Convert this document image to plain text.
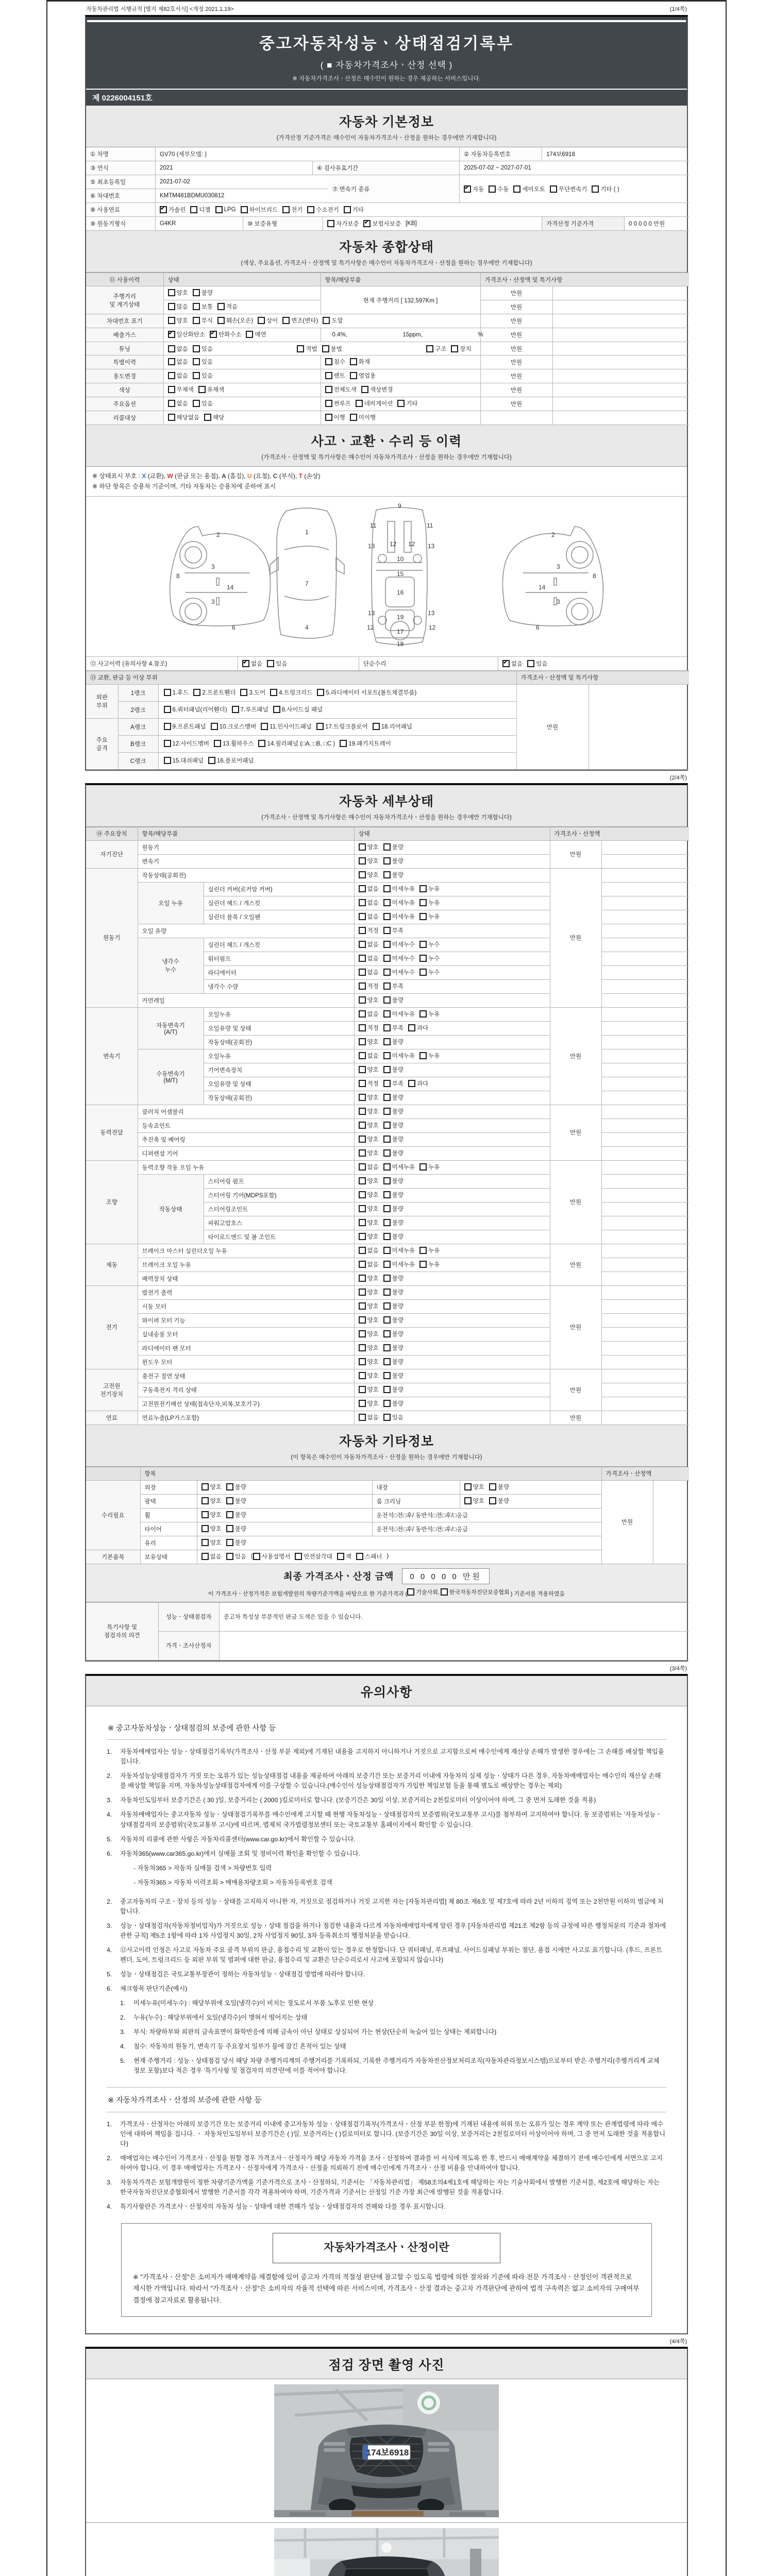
자동차관리법 시행규칙 [별지 제82호서식] <개정 2021.1.19>	(1/4쪽)
중고자동차성능ㆍ상태점검기록부
( ■ 자동차가격조사ㆍ산정 선택 )
※ 자동차가격조사ㆍ산정은 매수인이 원하는 경우 제공하는 서비스입니다.
제 0226004151호
자동차 기본정보
(가격산정 기준가격은 매수인이 자동차가격조사ㆍ산정을 원하는 경우에만 기재합니다)
① 차명	GV70 (세부모델: )	② 자동차등록번호	174보6918
③ 연식	2021	④ 검사유효기간	2025-07-02 ~ 2027-07-01
⑤ 최초등록일	2021-07-02
⑥ 차대번호	KMTM481BDMU030812
⑦ 변속기 종류 ✔	자동 수동 세미오토 무단변속기 기타 ( )
⑧ 사용연료 ✔	가솔린 디젤 LPG 하이브리드 전기 수소전기 기타
⑨ 원동기형식	G4KR	⑩ 보증유형	자가보증 ✔ 보험사보증 [KB]	가격산정 기준가격	0 0 0 0 0 만원
자동차 종합상태
(색상, 주요옵션, 가격조사ㆍ산정액 및 특기사항은 매수인이 자동차가격조사ㆍ산정을 원하는 경우에만 기재합니다)
⑪ 사용이력	상태	항목/해당부품	가격조사ㆍ산정액 및 특기사항	
주행거리
및 계기상태	양호 불량	현재 주행거리 [ 132,597Km ]	만원	

	많음 보통 적음		만원	
차대번호 표기	양호 부식 훼손(오손) 상이 변조(변타) 도말	만원	
배출가스	
✔일산화탄소 ✔ 탄화수소 매연	0.4%, 15ppm, %	만원	
튜닝	없음 있음	적법 불법	구조 장치	만원	
특별이력	없음 있음	침수 화재	만원	
용도변경	없음 있음	렌트 영업용	만원	
색상	무채색 유채색	전체도색 색상변경	만원	
주요옵션	없음 있음	썬루프 네비게이션 기타	만원	
리콜대상	해당없음 해당	이행 미이행		

사고ㆍ교환ㆍ수리 등 이력
(가격조사ㆍ산정액 및 특기사항은 매수인이 자동차가격조사ㆍ산정을 원하는 경우에만 기재합니다)
※ 상태표시 부호 : X (교환), W (판금 또는 용접), A (흠집), U (요철), C (부식), T (손상)
※ 하단 항목은 승용차 기준이며, 기타 자동차는 승용차에 준하여 표시
2
8
3
14
3
6
1
7
4
9
11	11
13	13
12 12
10
15
16
13	13
12	12
19
17
18
2
8
3
14
3
6
⑫ 사고이력 (유의사항 4.참조) ✔	없음 있음	단순수리 ✔	없음 있음
⑬ 교환, 판금 등 이상 부위			가격조사ㆍ산정액 및 특기사항	
외판
부위	1랭크	1.후드 2.프론트휀더 3.도어 4.트렁크리드 5.라디에이터 서포트(볼트체결부품)	만원	
	2랭크	6.쿼터패널(리어휀더) 7.루프패널 8.사이드실 패널		

주요
골격	A랭크	9.프론트패널 10.크로스멤버 11.인사이드패널 17.트렁크플로어 18.리어패널		

	B랭크	12.사이드멤버 13.휠하우스 14.필러패널 (□A, □B, □C ) 19.패키지트레이		

	C랭크	15.대쉬패널 16.플로어패널		
(2/4쪽)
자동차 세부상태
(가격조사ㆍ산정액 및 특기사항은 매수인이 자동차가격조사ㆍ산정을 원하는 경우에만 기재합니다)
⑭ 주요장치	항목/해당부품		상태	가격조사ㆍ산정액	
자기진단	원동기		양호 불량	만원	
	변속기		양호 불량		

원동기	작동상태(공회전)		양호 불량	만원	
	오일 누유	실린더 커버(로커암 커버)	없음 미세누유 누유		

		실린더 헤드 / 개스킷	없음 미세누유 누유		

		실린더 블록 / 오일팬	없음 미세누유 누유		

	오일 유량		적정 부족		

	냉각수
누수	실린더 헤드 / 개스킷	없음 미세누수 누수		

		워터펌프	없음 미세누수 누수		

		라디에이터	없음 미세누수 누수		

		냉각수 수량	적정 부족		

	커먼레일		양호 불량		

변속기	자동변속기
(A/T)	오일누유	없음 미세누유 누유	만원	
		오일유량 및 상태	적정 부족 과다		

		작동상태(공회전)	양호 불량		

	수동변속기
(M/T)	오일누유	없음 미세누유 누유		

		기어변속장치	양호 불량		

		오일유량 및 상태	적정 부족 과다		

		작동상태(공회전)	양호 불량		

동력전달	클러치 어셈블리		양호 불량	만원	
	등속죠인트		양호 불량		

	추진축 및 베어링		양호 불량		

	디퍼렌셜 기어		양호 불량		

조향	동력조향 작동 오일 누유		없음 미세누유 누유	만원	
	작동상태	스티어링 펌프	양호 불량		

		스티어링 기어(MDPS포함)	양호 불량		

		스티어링조인트	양호 불량		

		파워고압호스	양호 불량		

		타이로드엔드 및 볼 조인트	양호 불량		

제동	브레이크 마스터 실린더오일 누유		없음 미세누유 누유	만원	
	브레이크 오일 누유		없음 미세누유 누유		

	배력장치 상태		양호 불량		

전기	발전기 출력		양호 불량	만원	
	시동 모터		양호 불량		

	와이퍼 모터 기능		양호 불량		

	실내송풍 모터		양호 불량		

	라디에이터 팬 모터		양호 불량		

	윈도우 모터		양호 불량		

고전원
전기장치	충전구 절연 상태		양호 불량	만원	
	구동축전지 격리 상태		양호 불량		

	고전원전기배선 상태(접속단자,피복,보호기구)		양호 불량		

연료	연료누출(LP가스포함)		없음 있음	만원	
자동차 기타정보
(이 항목은 매수인이 자동차가격조사ㆍ산정을 원하는 경우에만 기재합니다)
	항목				가격조사ㆍ산정액	
수리필요	외장	양호 불량	내장	양호 불량	만원	
	광택	양호 불량	룸 크리닝	양호 불량		

	휠	양호 불량	운전석□전□후/ 동반석□전□후/□응급			
	타이어	양호 불량	운전석□전□후/ 동반석□전□후/□응급			
	유리	양호 불량				

기본품목	보유상태	없음 있음 ( 사용설명서 안전삼각대 잭 스패너 )
최종 가격조사ㆍ산정 금액	0 0 0 0 0 만원
이 가격조사ㆍ산정가격은 보험개발원의 차량기준가액을 바탕으로 한 기준가격과 ( 기술사회, 한국자동차진단보증협회 ) 기준서를 적용하였음
특기사항 및
점검자의 의견	성능ㆍ상태점검자	중고차 특성상 부분적인 판금 도색은 있을 수 있습니다.
	가격ㆍ조사산정자	
(3/4쪽)
유의사항
※ 중고자동차성능ㆍ상태점검의 보증에 관한 사항 등
1.	자동차매매업자는 성능ㆍ상태점검기록부(가격조사ㆍ산정 부분 제외)에 기재된 내용을 고지하지 아니하거나 거짓으로 고지함으로써 매수인에게 재산상 손해가 발생한 경우에는 그 손해를 배상할 책임을 집니다.
2.	자동차성능상태점검자가 거짓 또는 오류가 있는 성능상태점검 내용을 제공하여 아래의 보증기간 또는 보증거리 이내에 자동차의 실제 성능ㆍ상태가 다른 경우, 자동차매매업자는 매수인의 재산상 손해를 배상할 책임을 지며, 자동차성능상태점검자에게 이를 구상할 수 있습니다.(매수인이 성능상태점검자가 가입한 책임보험 등을 통해 별도로 배상받는 경우는 제외)
3.	자동차인도일부터 보증기간은 ( 30 )일, 보증거리는 ( 2000 )킬로미터로 합니다. (보증기간은 30일 이상, 보증거리는 2천킬로미터 이상이어야 하며, 그 중 먼저 도래한 것을 적용)
4.	자동차매매업자는 중고자동차 성능ㆍ상태점검기록부를 매수인에게 고지할 때 현행 자동차성능ㆍ상태점검자의 보증범위(국토교통부 고시)를 첨부하여 고지하여야 합니다. 동 보증범위는 '자동차성능ㆍ상태점검자의 보증범위'(국토교통부 고시)에 따르며, 법제처 국가법령정보센터 또는 국토교통부 홈페이지에서 확인할 수 있습니다.
5.	자동차의 리콜에 관한 사항은 자동차리콜센터(www.car.go.kr)에서 확인할 수 있습니다.
6.	자동차365(www.car365.go.kr)에서 실매물 조회 및 정비이력 확인을 확인할 수 있습니다.
- 자동차365 > 자동차 실매물 검색 > 차량번호 입력
- 자동차365 > 자동차 이력조회 > 매매용차량조회 > 자동차등록번호 검색
2.	중고자동차의 구조ㆍ장치 등의 성능ㆍ상태를 고지하지 아니한 자, 거짓으로 점검하거나 거짓 고지한 자는 [자동차관리법] 제 80조 제6호 및 제7호에 따라 2년 이하의 징역 또는 2천만원 이하의 벌금에 처합니다.
3.	성능ㆍ상태점검자(자동차정비업자)가 거짓으로 성능ㆍ상태 점검을 하거나 점검한 내용과 다르게 자동차매매업자에게 알린 경우 [자동차관리법 제21조 제2항 등의 규정에 따른 행정처분의 기준과 절차에 관한 규칙] 제5조 1항에 따라 1차 사업정지 30일, 2차 사업정지 90일, 3차 등록취소의 행정처분을 받습니다.
4.	⑫사고이력 인정은 사고로 자동차 주요 골격 부위의 판금, 용접수리 및 교환이 있는 경우로 한정합니다. 단 쿼터패널, 루프패널, 사이드실패널 부위는 절단, 용접 시에만 사고로 표기합니다. (후드, 프론트펜더, 도어, 트렁크리드 등 외판 부위 및 범퍼에 대한 판금, 용접수리 및 교환은 단순수리로서 사고에 포함되지 않습니다)
5.	성능ㆍ상태점검은 국토교통부장관이 정하는 자동차성능ㆍ상태점검 방법에 따라야 합니다.
6.	체크항목 판단기준(예시)
1.	미세누유(미세누수) : 해당부위에 오일(냉각수)이 비치는 정도로서 부품 노후로 인한 현상
2.	누유(누수) : 해당부위에서 오일(냉각수)이 맺혀서 떨어지는 상태
3.	부식: 차량하부와 외판의 금속표면이 화학반응에 의해 금속이 아닌 상태로 상실되어 가는 현상(단순히 녹슬어 있는 상태는 제외합니다)
4.	침수: 자동차의 원동기, 변속기 등 주요장치 일부가 물에 잠긴 흔적이 있는 상태
5.	현재 주행거리 : 성능ㆍ상태점검 당시 해당 차량 주행거리계의 주행거리를 기록하되, 기록한 주행거리가 자동차전산정보처리조직(자동차관리정보시스템)으로부터 받은 주행거리(주행거리계 교체 정보 포함)보다 적은 경우 '특기사항 및 점검자의 의견'란에 이를 적어야 합니다.
※ 자동차가격조사ㆍ산정의 보증에 관한 사항 등
1.	가격조사ㆍ산정자는 아래의 보증기간 또는 보증거리 이내에 중고자동차 성능ㆍ상태점검기록부(가격조사ㆍ산정 부분 한정)에 기재된 내용에 허위 또는 오류가 있는 경우 계약 또는 관계법령에 따라 매수인에 대하여 책임을 집니다. ㆍ 자동차인도일부터 보증기간은 ( )일, 보증거리는 ( )킬로미터로 합니다. (보증기간은 30일 이상, 보증거리는 2천킬로미터 이상이어야 하며, 그 중 먼저 도래한 것을 적용합니다)
2.	매매업자는 매수인이 가격조사ㆍ산정을 원할 경우 가격조사ㆍ산정자가 해당 자동차 가격을 조사ㆍ산정하여 결과를 이 서식에 적도록 한 후, 반드시 매매계약을 체결하기 전에 매수인에게 서면으로 고지하여야 합니다. 이 경우 매매업자는 가격조사ㆍ산정자에게 가격조사ㆍ산정을 의뢰하기 전에 매수인에게 가격조사ㆍ산정 비용을 안내하여야 합니다.
3.	자동차가격은 보험개발원이 정한 차량기준가액을 기준가격으로 조사ㆍ산정하되, 기준서는 「자동차관리법」 제58조의4제1호에 해당하는 자는 기술사회에서 발행한 기준서를, 제2호에 해당하는 자는 한국자동차진단보증협회에서 발행한 기준서를 각각 적용하여야 하며, 기준가격과 기준서는 산정일 기준 가장 최근에 발행된 것을 적용합니다.
4.	특기사항란은 가격조사ㆍ산정자의 자동차 성능ㆍ상태에 대한 견해가 성능ㆍ상태점검자의 견해와 다를 경우 표시합니다.
자동차가격조사ㆍ산정이란
※ "가격조사ㆍ산정"은 소비자가 매매계약을 체결함에 있어 중고차 가격의 적절성 판단에 참고할 수 있도록 법령에 의한 절차와 기준에 따라 전문 가격조사ㆍ산정인이 객관적으로 제시한 가액입니다. 따라서 "가격조사ㆍ산정"은 소비자의 자율적 선택에 따른 서비스이며, 가격조사ㆍ산정 결과는 중고차 가격판단에 관하여 법적 구속력은 없고 소비자의 구매여부 결정에 참고자료로 활용됩니다.
(4/4쪽)
점검 장면 촬영 사진
174보6918
